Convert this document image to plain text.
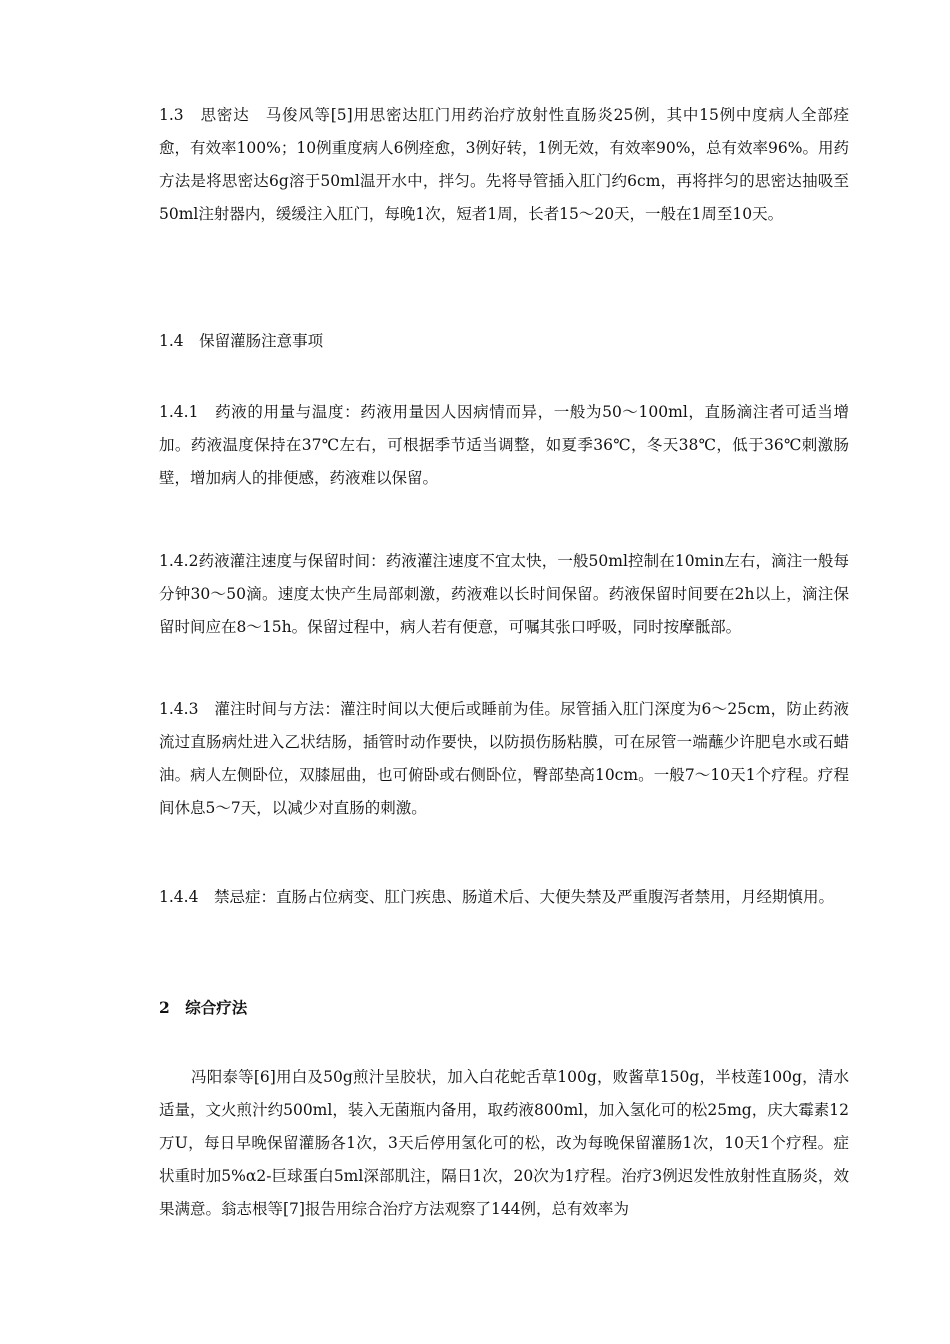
1.3　思密达　马俊风等[5]用思密达肛门用药治疗放射性直肠炎25例，其中15例中度病人全部痊愈，有效率100%；10例重度病人6例痊愈，3例好转，1例无效，有效率90%，总有效率96%。用药方法是将思密达6g溶于50ml温开水中，拌匀。先将导管插入肛门约6cm，再将拌匀的思密达抽吸至50ml注射器内，缓缓注入肛门，每晚1次，短者1周，长者15～20天，一般在1周至10天。

1.4　保留灌肠注意事项

1.4.1　药液的用量与温度：药液用量因人因病情而异，一般为50～100ml，直肠滴注者可适当增加。药液温度保持在37℃左右，可根据季节适当调整，如夏季36℃，冬天38℃，低于36℃刺激肠壁，增加病人的排便感，药液难以保留。

1.4.2药液灌注速度与保留时间：药液灌注速度不宜太快，一般50ml控制在10min左右，滴注一般每分钟30～50滴。速度太快产生局部刺激，药液难以长时间保留。药液保留时间要在2h以上，滴注保留时间应在8～15h。保留过程中，病人若有便意，可嘱其张口呼吸，同时按摩骶部。

1.4.3　灌注时间与方法：灌注时间以大便后或睡前为佳。尿管插入肛门深度为6～25cm，防止药液流过直肠病灶进入乙状结肠，插管时动作要快，以防损伤肠粘膜，可在尿管一端蘸少许肥皂水或石蜡油。病人左侧卧位，双膝屈曲，也可俯卧或右侧卧位，臀部垫高10cm。一般7～10天1个疗程。疗程间休息5～7天，以减少对直肠的刺激。

1.4.4　禁忌症：直肠占位病变、肛门疾患、肠道术后、大便失禁及严重腹泻者禁用，月经期慎用。

2　综合疗法

冯阳泰等[6]用白及50g煎汁呈胶状，加入白花蛇舌草100g，败酱草150g，半枝莲100g，清水适量，文火煎汁约500ml，装入无菌瓶内备用，取药液800ml，加入氢化可的松25mg，庆大霉素12万U，每日早晚保留灌肠各1次，3天后停用氢化可的松，改为每晚保留灌肠1次，10天1个疗程。症状重时加5%α2-巨球蛋白5ml深部肌注，隔日1次，20次为1疗程。治疗3例迟发性放射性直肠炎，效果满意。翁志根等[7]报告用综合治疗方法观察了144例，总有效率为
